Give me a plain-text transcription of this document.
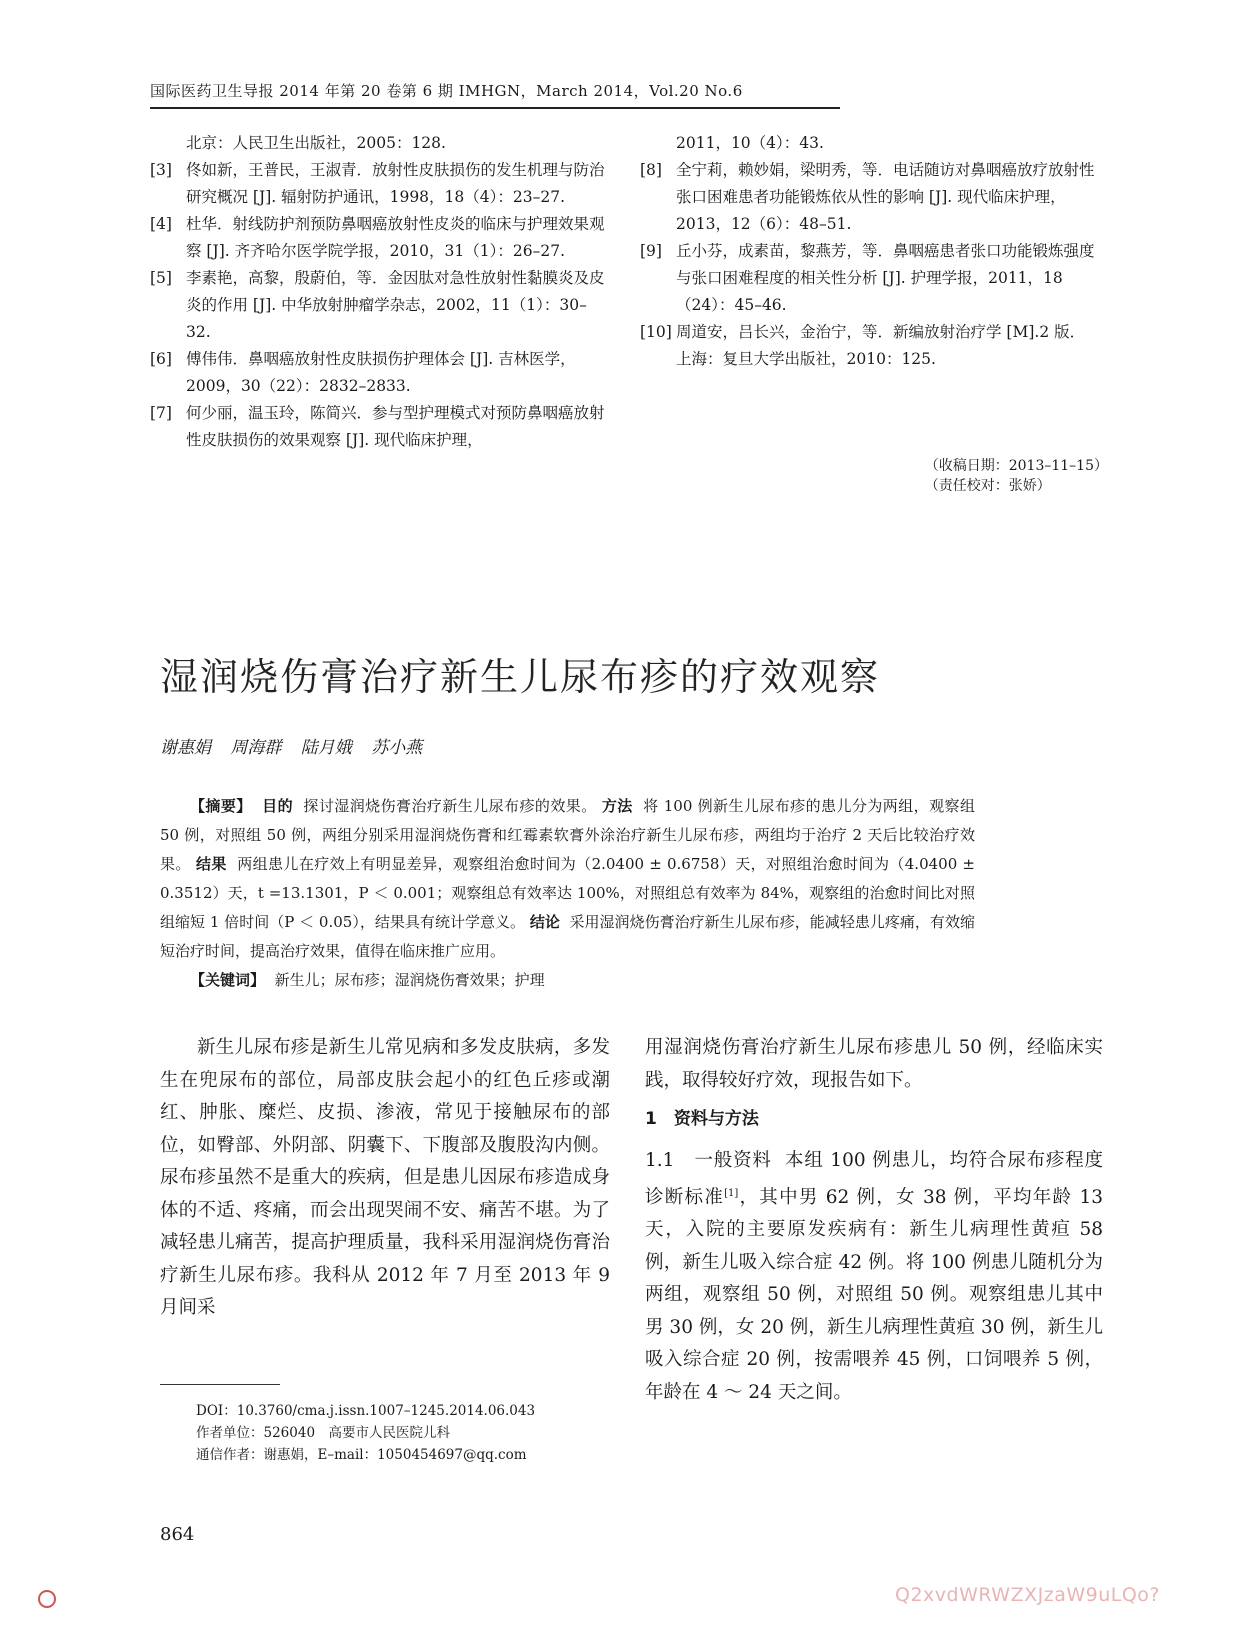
国际医药卫生导报 2014 年第 20 卷第 6 期 IMHGN，March 2014，Vol.20 No.6
北京：人民卫生出版社，2005：128.
[3] 佟如新，王普民，王淑青．放射性皮肤损伤的发生机理与防治研究概况 [J]. 辐射防护通讯，1998，18（4）：23–27.
[4] 杜华．射线防护剂预防鼻咽癌放射性皮炎的临床与护理效果观察 [J]. 齐齐哈尔医学院学报，2010，31（1）：26–27.
[5] 李素艳，高黎，殷蔚伯，等．金因肽对急性放射性黏膜炎及皮炎的作用 [J]. 中华放射肿瘤学杂志，2002，11（1）：30–32.
[6] 傅伟伟．鼻咽癌放射性皮肤损伤护理体会 [J]. 吉林医学，2009，30（22）：2832–2833.
[7] 何少丽，温玉玲，陈简兴．参与型护理模式对预防鼻咽癌放射性皮肤损伤的效果观察 [J]. 现代临床护理，
2011，10（4）：43.
[8] 全宁莉，赖妙娟，梁明秀，等．电话随访对鼻咽癌放疗放射性张口困难患者功能锻炼依从性的影响 [J]. 现代临床护理，2013，12（6）：48–51.
[9] 丘小芬，成素苗，黎燕芳，等．鼻咽癌患者张口功能锻炼强度与张口困难程度的相关性分析 [J]. 护理学报，2011，18（24）：45–46.
[10] 周道安，吕长兴，金治宁，等．新编放射治疗学 [M].2 版．上海：复旦大学出版社，2010：125.
（收稿日期：2013–11–15）
（责任校对：张娇）
湿润烧伤膏治疗新生儿尿布疹的疗效观察
谢惠娟 周海群 陆月娥 苏小燕
【摘要】 目的 探讨湿润烧伤膏治疗新生儿尿布疹的效果。 方法 将 100 例新生儿尿布疹的患儿分为两组，观察组 50 例，对照组 50 例，两组分别采用湿润烧伤膏和红霉素软膏外涂治疗新生儿尿布疹，两组均于治疗 2 天后比较治疗效果。 结果 两组患儿在疗效上有明显差异，观察组治愈时间为（2.0400 ± 0.6758）天，对照组治愈时间为（4.0400 ± 0.3512）天，t =13.1301，P ＜ 0.001；观察组总有效率达 100%，对照组总有效率为 84%，观察组的治愈时间比对照组缩短 1 倍时间（P ＜ 0.05），结果具有统计学意义。 结论 采用湿润烧伤膏治疗新生儿尿布疹，能减轻患儿疼痛，有效缩短治疗时间，提高治疗效果，值得在临床推广应用。
【关键词】 新生儿；尿布疹；湿润烧伤膏效果；护理

新生儿尿布疹是新生儿常见病和多发皮肤病，多发生在兜尿布的部位，局部皮肤会起小的红色丘疹或潮红、肿胀、糜烂、皮损、渗液，常见于接触尿布的部位，如臀部、外阴部、阴囊下、下腹部及腹股沟内侧。尿布疹虽然不是重大的疾病，但是患儿因尿布疹造成身体的不适、疼痛，而会出现哭闹不安、痛苦不堪。为了减轻患儿痛苦，提高护理质量，我科采用湿润烧伤膏治疗新生儿尿布疹。我科从 2012 年 7 月至 2013 年 9 月间采

用湿润烧伤膏治疗新生儿尿布疹患儿 50 例，经临床实践，取得较好疗效，现报告如下。

1　资料与方法

1.1　一般资料 本组 100 例患儿，均符合尿布疹程度诊断标准[1]，其中男 62 例，女 38 例，平均年龄 13 天，入院的主要原发疾病有：新生儿病理性黄疸 58 例，新生儿吸入综合症 42 例。将 100 例患儿随机分为两组，观察组 50 例，对照组 50 例。观察组患儿其中男 30 例，女 20 例，新生儿病理性黄疸 30 例，新生儿吸入综合症 20 例，按需喂养 45 例，口饲喂养 5 例，年龄在 4 ～ 24 天之间。

DOI：10.3760/cma.j.issn.1007–1245.2014.06.043
作者单位：526040　高要市人民医院儿科
通信作者：谢惠娟，E–mail：1050454697@qq.com
864
Q2xvdWRWZXJzaW9uLQo?
